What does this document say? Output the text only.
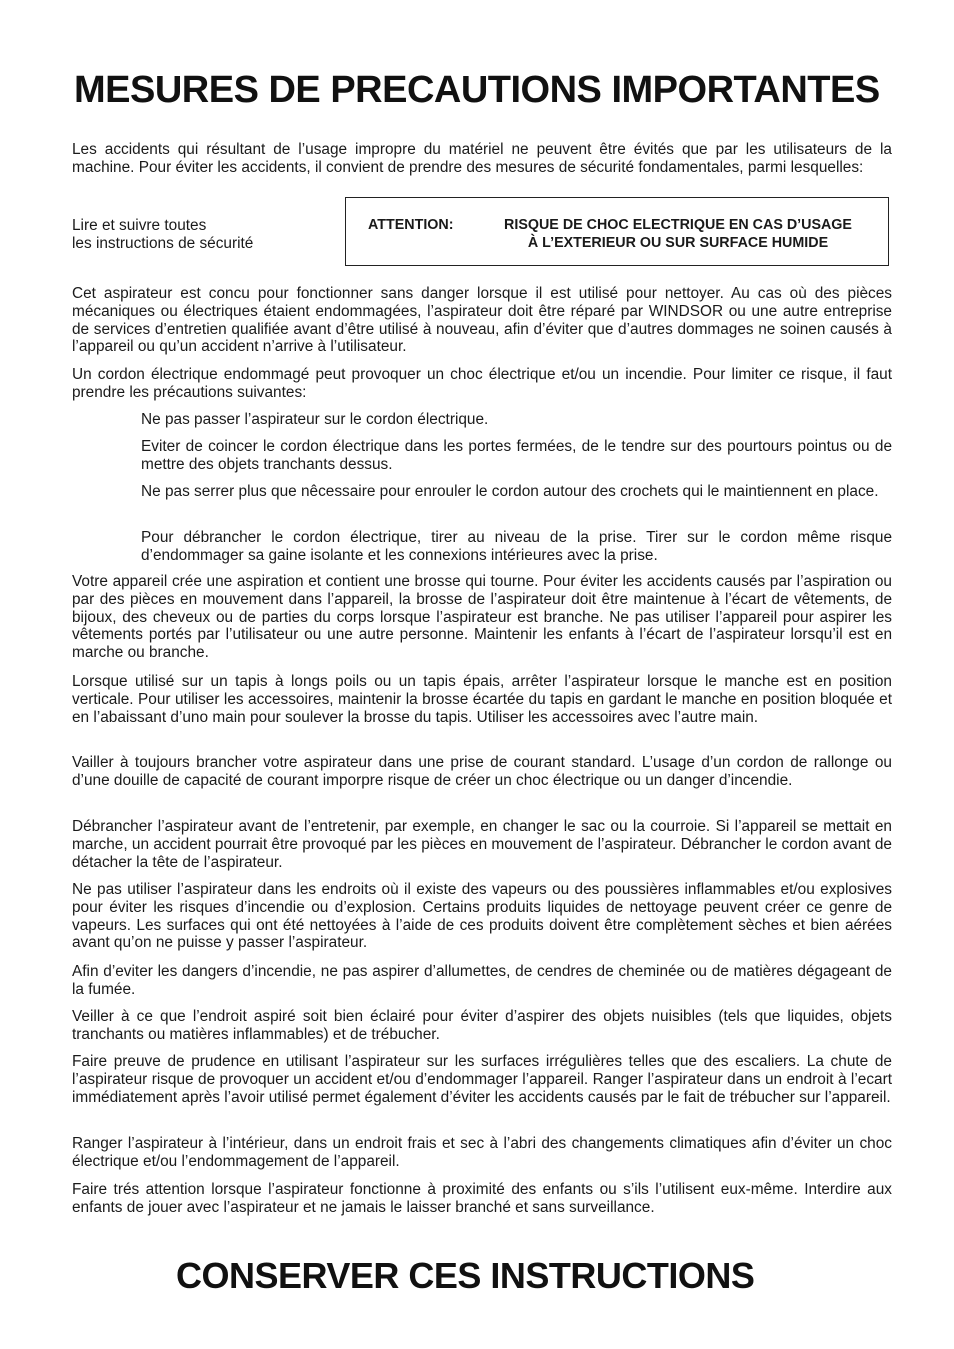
MESURES DE PRECAUTIONS IMPORTANTES
Les accidents qui résultant de l’usage impropre du matériel ne peuvent être évités que par les utilisateurs de la machine. Pour éviter les accidents, il convient de prendre des mesures de sécurité fondamentales, parmi lesquelles:
Lire et suivre toutes
les instructions de sécurité
ATTENTION:	RISQUE DE CHOC ELECTRIQUE EN CAS D’USAGE
À L’EXTERIEUR OU SUR SURFACE HUMIDE
Cet aspirateur est concu pour fonctionner sans danger lorsque il est utilisé pour nettoyer. Au cas où des pièces mécaniques ou électriques étaient endommagées, l’aspirateur doit être réparé par WINDSOR ou une autre entreprise de services d’entretien qualifiée avant d’être utilisé à nouveau, afin d’éviter que d’autres dommages ne soinen causés à l’appareil ou qu’un accident n’arrive à l’utilisateur.
Un cordon électrique endommagé peut provoquer un choc électrique et/ou un incendie. Pour limiter ce risque, il faut prendre les précautions suivantes:
Ne pas passer l’aspirateur sur le cordon électrique.
Eviter de coincer le cordon électrique dans les portes fermées, de le tendre sur des pourtours pointus ou de mettre des objets tranchants dessus.
Ne pas serrer plus que nêcessaire pour enrouler le cordon autour des crochets qui le maintiennent en place.
Pour débrancher le cordon électrique, tirer au niveau de la prise. Tirer sur le cordon même risque d’endommager sa gaine isolante et les connexions intérieures avec la prise.
Votre appareil crée une aspiration et contient une brosse qui tourne. Pour éviter les accidents causés par l’aspiration ou par des pièces en mouvement dans l’appareil, la brosse de l’aspirateur doit être maintenue à l’écart de vêtements, de bijoux, des cheveux ou de parties du corps lorsque l’aspirateur est branche. Ne pas utiliser l’appareil pour aspirer les vêtements portés par l’utilisateur ou une autre personne. Maintenir les enfants à l’écart de l’aspirateur lorsqu’il est en marche ou branche.
Lorsque utilisé sur un tapis à longs poils ou un tapis épais, arrêter l’aspirateur lorsque le manche est en position verticale. Pour utiliser les accessoires, maintenir la brosse écartée du tapis en gardant le manche en position bloquée et en l’abaissant d’uno main pour soulever la brosse du tapis. Utiliser les accessoires avec l’autre main.
Vailler à toujours brancher votre aspirateur dans une prise de courant standard. L’usage d’un cordon de rallonge ou d’une douille de capacité de courant imporpre risque de créer un choc électrique ou un danger d’incendie.
Débrancher l’aspirateur avant de l’entretenir, par exemple, en changer le sac ou la courroie. Si l’appareil se mettait en marche, un accident pourrait être provoqué par les pièces en mouvement de l’aspirateur. Débrancher le cordon avant de détacher la tête de l’aspirateur.
Ne pas utiliser l’aspirateur dans les endroits où il existe des vapeurs ou des poussières inflammables et/ou explosives pour éviter les risques d’incendie ou d’explosion. Certains produits liquides de nettoyage peuvent créer ce genre de vapeurs. Les surfaces qui ont été nettoyées à l’aide de ces produits doivent être complètement sèches et bien aérées avant qu’on ne puisse y passer l’aspirateur.
Afin d’eviter les dangers d’incendie, ne pas aspirer d’allumettes, de cendres de cheminée ou de matières dégageant de la fumée.
Veiller à ce que l’endroit aspiré soit bien éclairé pour éviter d’aspirer des objets nuisibles (tels que liquides, objets tranchants ou matières inflammables) et de trébucher.
Faire preuve de prudence en utilisant l’aspirateur sur les surfaces irrégulières telles que des escaliers. La chute de l’aspirateur risque de provoquer un accident et/ou d’endommager l’appareil. Ranger l’aspirateur dans un endroit à l’ecart immédiatement après l’avoir utilisé permet également d’éviter les accidents causés par le fait de trébucher sur l’appareil.
Ranger l’aspirateur à l’intérieur, dans un endroit frais et sec à l’abri des changements climatiques afin d’éviter un choc électrique et/ou l’endommagement de l’appareil.
Faire trés attention lorsque l’aspirateur fonctionne à proximité des enfants ou s’ils l’utilisent eux-même. Interdire aux enfants de jouer avec l’aspirateur et ne jamais le laisser branché et sans surveillance.
CONSERVER CES INSTRUCTIONS
